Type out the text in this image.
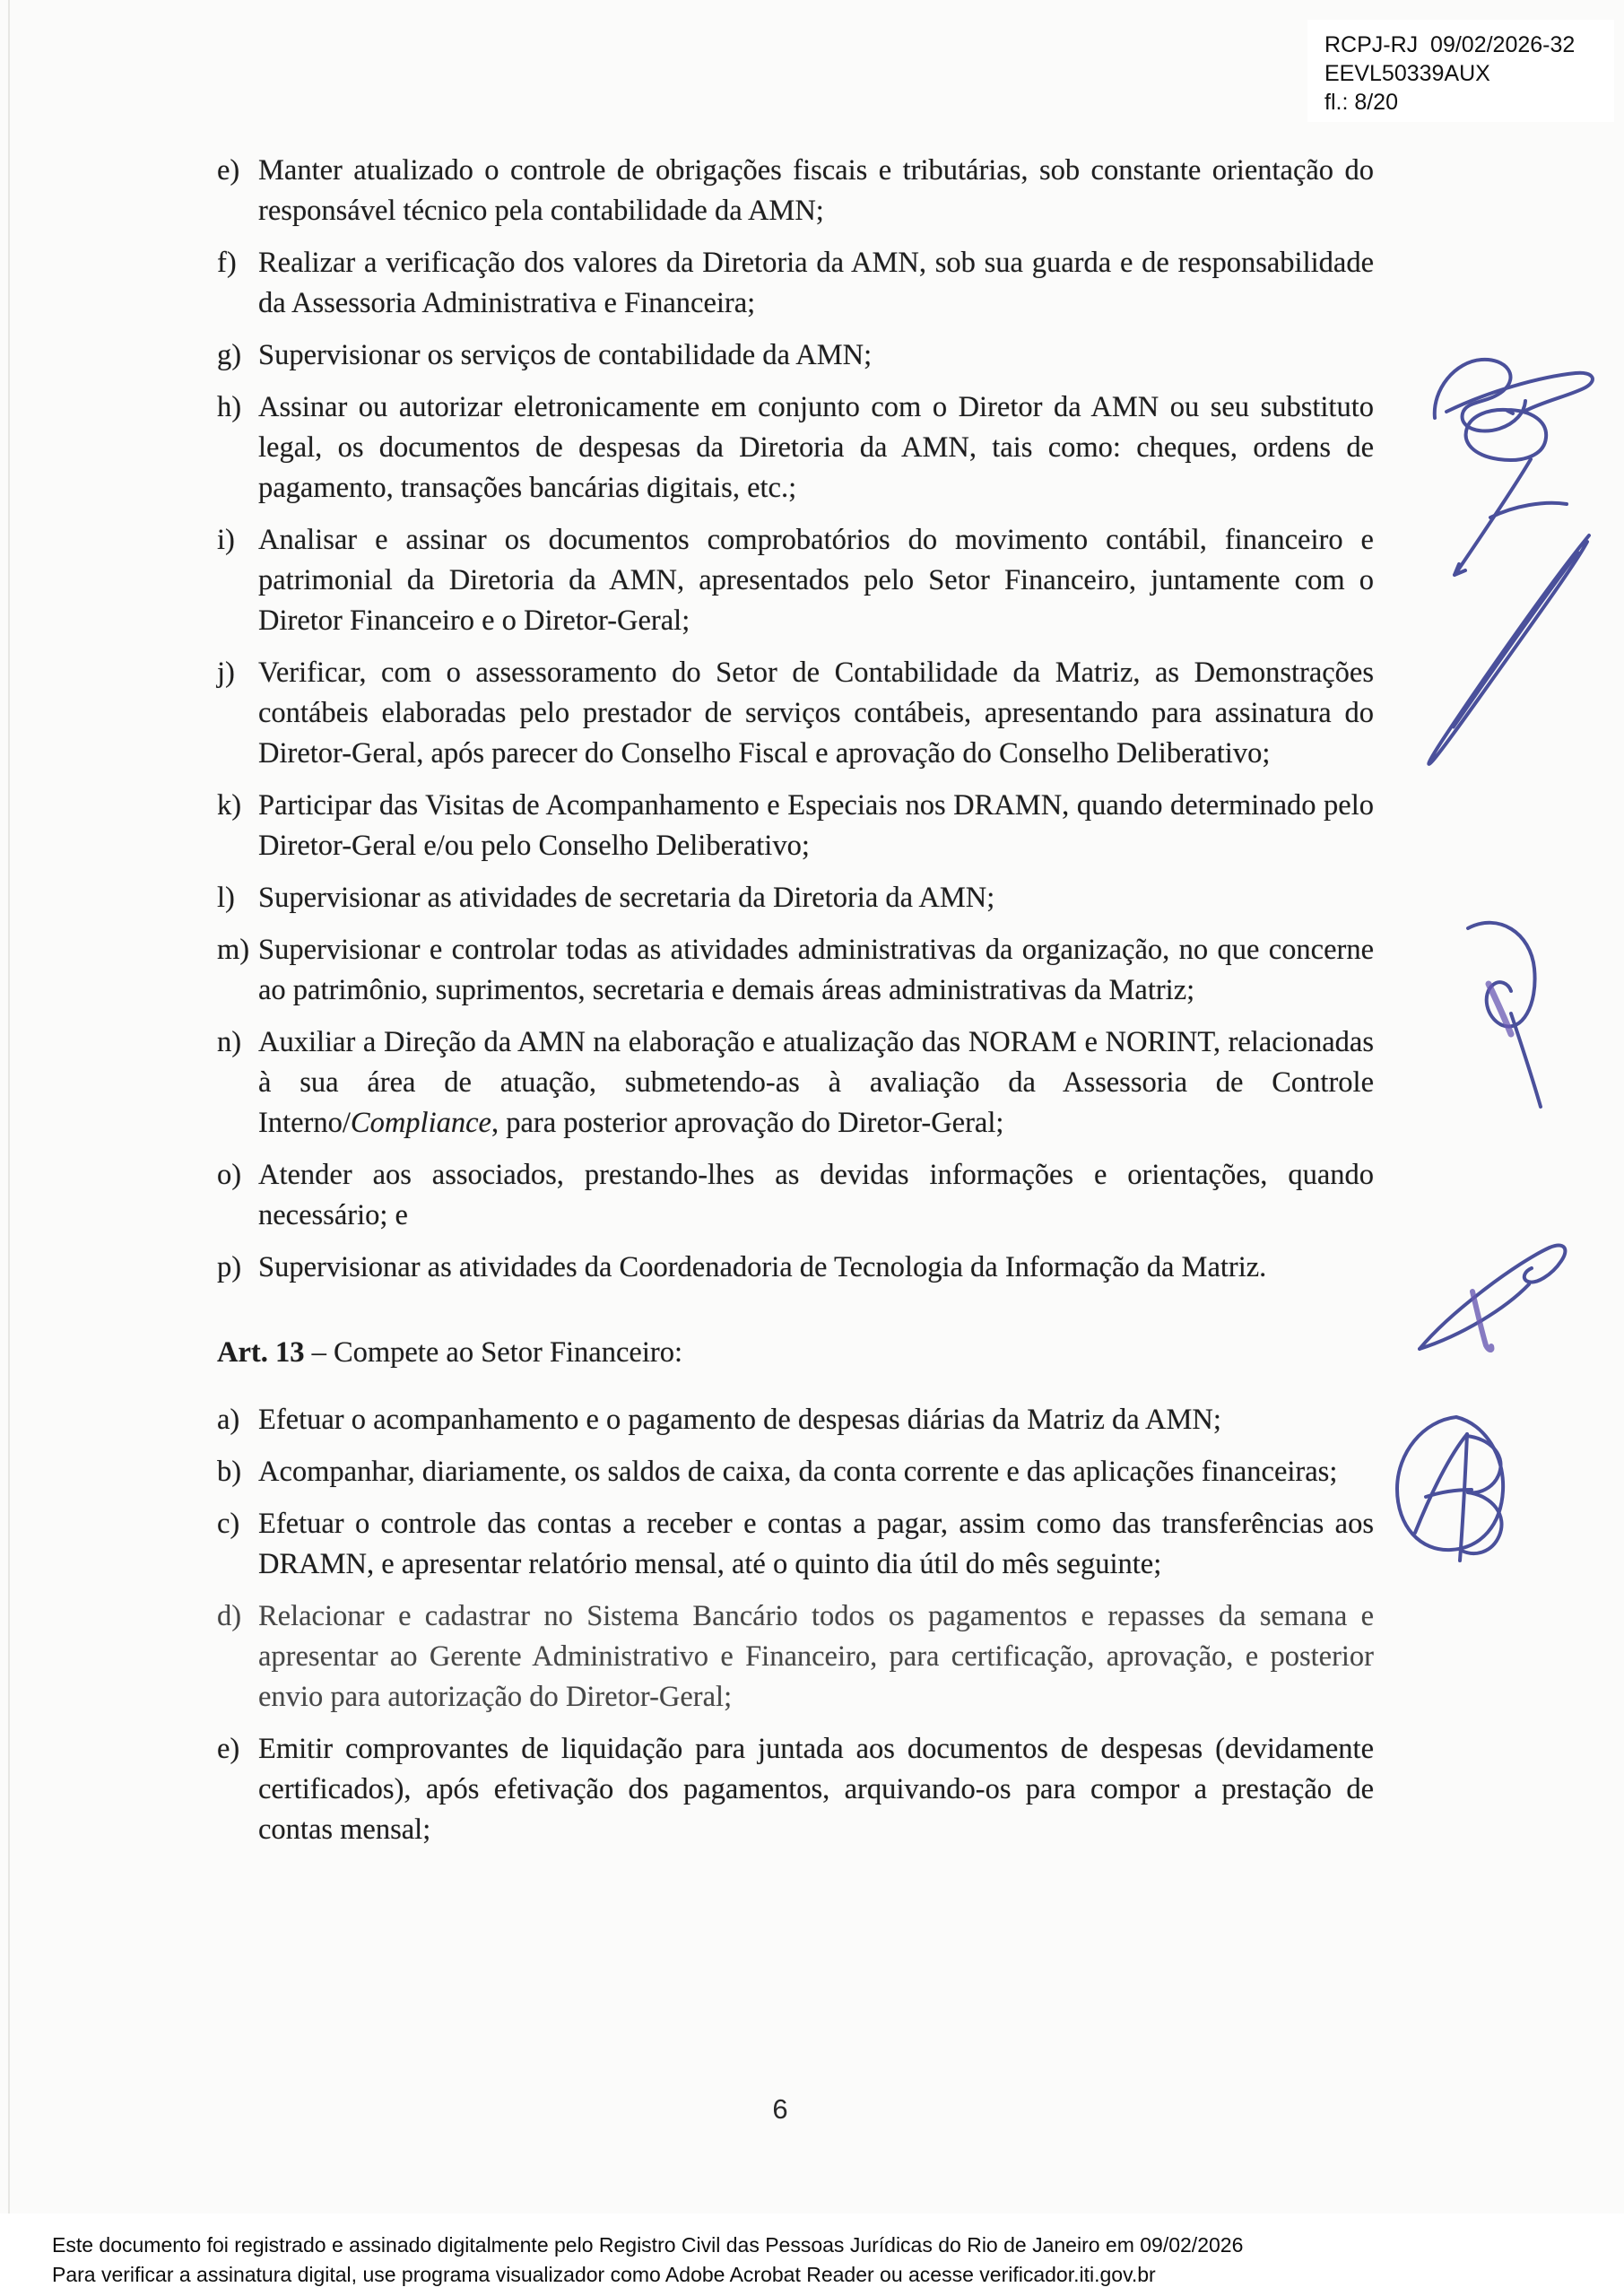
RCPJ-RJ  09/02/2026-32
EEVL50339AUX
fl.: 8/20
e) Manter atualizado o controle de obrigações fiscais e tributárias, sob constante orientação do responsável técnico pela contabilidade da AMN;
f) Realizar a verificação dos valores da Diretoria da AMN, sob sua guarda e de responsabilidade da Assessoria Administrativa e Financeira;
g) Supervisionar os serviços de contabilidade da AMN;
h) Assinar ou autorizar eletronicamente em conjunto com o Diretor da AMN ou seu substituto legal, os documentos de despesas da Diretoria da AMN, tais como: cheques, ordens de pagamento, transações bancárias digitais, etc.;
i) Analisar e assinar os documentos comprobatórios do movimento contábil, financeiro e patrimonial da Diretoria da AMN, apresentados pelo Setor Financeiro, juntamente com o Diretor Financeiro e o Diretor-Geral;
j) Verificar, com o assessoramento do Setor de Contabilidade da Matriz, as Demonstrações contábeis elaboradas pelo prestador de serviços contábeis, apresentando para assinatura do Diretor-Geral, após parecer do Conselho Fiscal e aprovação do Conselho Deliberativo;
k) Participar das Visitas de Acompanhamento e Especiais nos DRAMN, quando determinado pelo Diretor-Geral e/ou pelo Conselho Deliberativo;
l) Supervisionar as atividades de secretaria da Diretoria da AMN;
m) Supervisionar e controlar todas as atividades administrativas da organização, no que concerne ao patrimônio, suprimentos, secretaria e demais áreas administrativas da Matriz;
n) Auxiliar a Direção da AMN na elaboração e atualização das NORAM e NORINT, relacionadas à sua área de atuação, submetendo-as à avaliação da Assessoria de Controle Interno/Compliance, para posterior aprovação do Diretor-Geral;
o) Atender aos associados, prestando-lhes as devidas informações e orientações, quando necessário; e
p) Supervisionar as atividades da Coordenadoria de Tecnologia da Informação da Matriz.
Art. 13 – Compete ao Setor Financeiro:
a) Efetuar o acompanhamento e o pagamento de despesas diárias da Matriz da AMN;
b) Acompanhar, diariamente, os saldos de caixa, da conta corrente e das aplicações financeiras;
c) Efetuar o controle das contas a receber e contas a pagar, assim como das transferências aos DRAMN, e apresentar relatório mensal, até o quinto dia útil do mês seguinte;
d) Relacionar e cadastrar no Sistema Bancário todos os pagamentos e repasses da semana e apresentar ao Gerente Administrativo e Financeiro, para certificação, aprovação, e posterior envio para autorização do Diretor-Geral;
e) Emitir comprovantes de liquidação para juntada aos documentos de despesas (devidamente certificados), após efetivação dos pagamentos, arquivando-os para compor a prestação de contas mensal;
6
Este documento foi registrado e assinado digitalmente pelo Registro Civil das Pessoas Jurídicas do Rio de Janeiro em 09/02/2026
Para verificar a assinatura digital, use programa visualizador como Adobe Acrobat Reader ou acesse verificador.iti.gov.br
